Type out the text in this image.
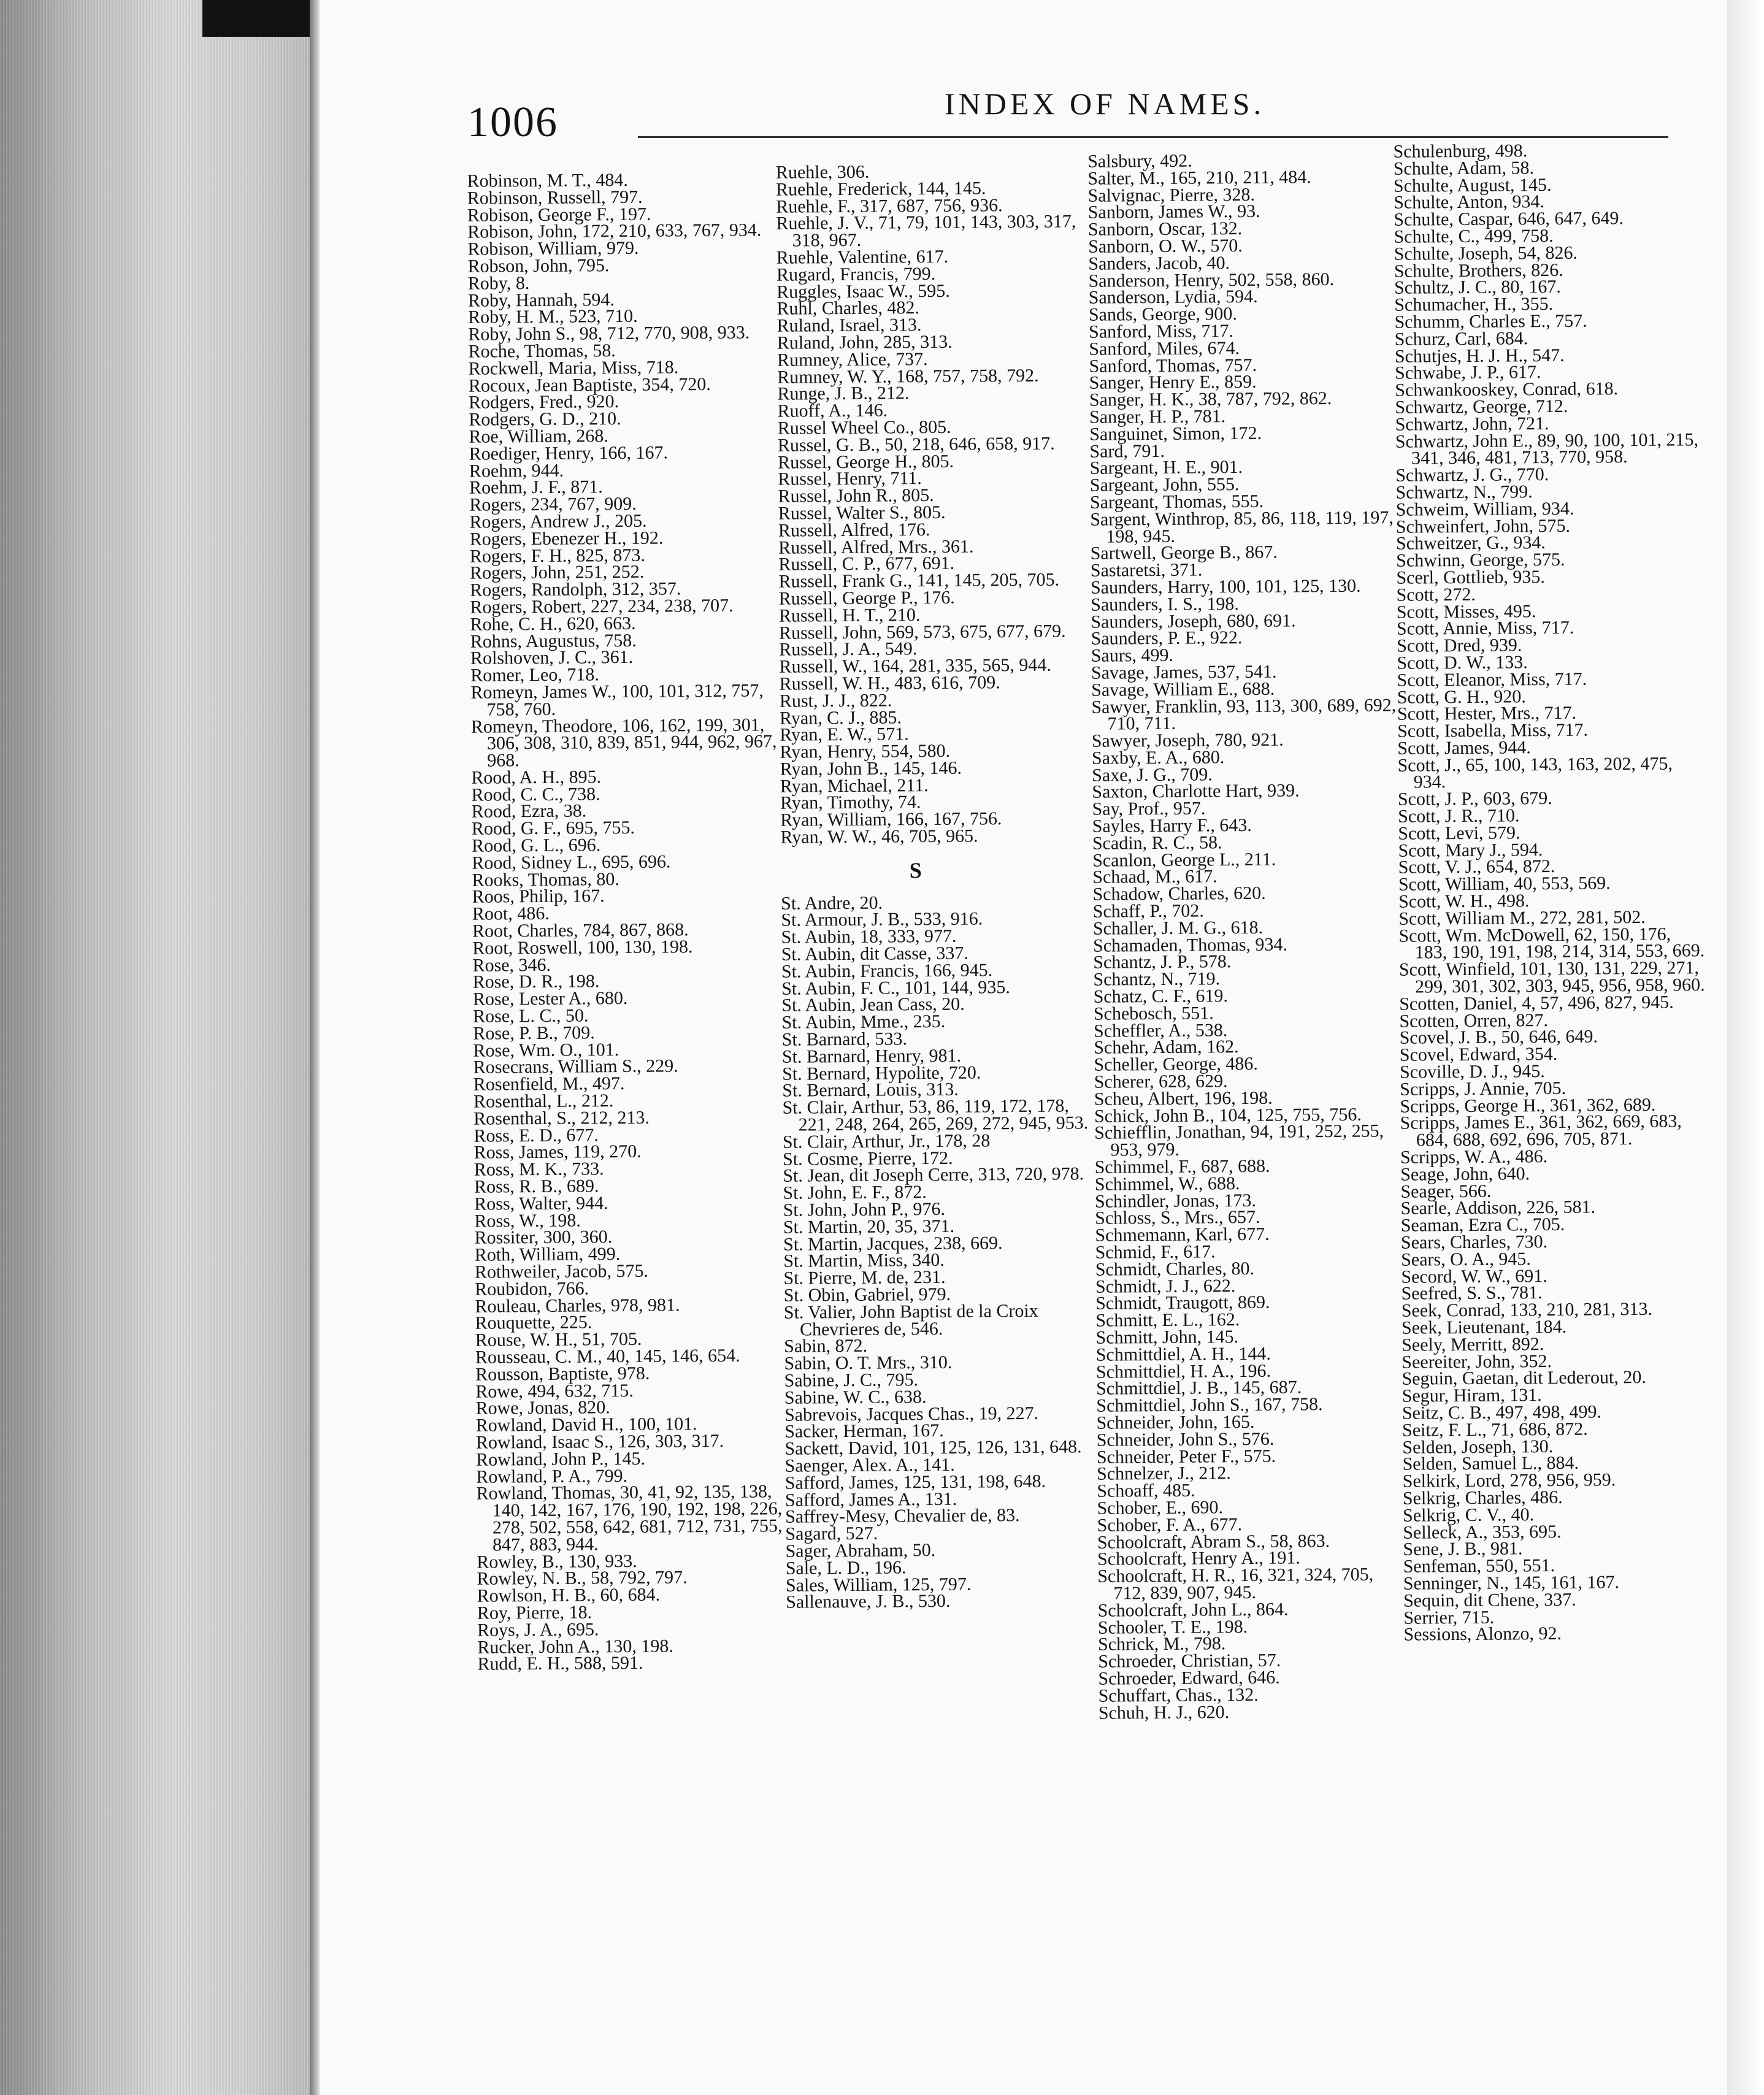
1006	INDEX OF NAMES.
Robinson, M. T., 484.
Robinson, Russell, 797.
Robison, George F., 197.
Robison, John, 172, 210, 633, 767, 934.
Robison, William, 979.
Robson, John, 795.
Roby, 8.
Roby, Hannah, 594.
Roby, H. M., 523, 710.
Roby, John S., 98, 712, 770, 908, 933.
Roche, Thomas, 58.
Rockwell, Maria, Miss, 718.
Rocoux, Jean Baptiste, 354, 720.
Rodgers, Fred., 920.
Rodgers, G. D., 210.
Roe, William, 268.
Roediger, Henry, 166, 167.
Roehm, 944.
Roehm, J. F., 871.
Rogers, 234, 767, 909.
Rogers, Andrew J., 205.
Rogers, Ebenezer H., 192.
Rogers, F. H., 825, 873.
Rogers, John, 251, 252.
Rogers, Randolph, 312, 357.
Rogers, Robert, 227, 234, 238, 707.
Rohe, C. H., 620, 663.
Rohns, Augustus, 758.
Rolshoven, J. C., 361.
Romer, Leo, 718.
Romeyn, James W., 100, 101, 312, 757, 758, 760.
Romeyn, Theodore, 106, 162, 199, 301, 306, 308, 310, 839, 851, 944, 962, 967, 968.
Rood, A. H., 895.
Rood, C. C., 738.
Rood, Ezra, 38.
Rood, G. F., 695, 755.
Rood, G. L., 696.
Rood, Sidney L., 695, 696.
Rooks, Thomas, 80.
Roos, Philip, 167.
Root, 486.
Root, Charles, 784, 867, 868.
Root, Roswell, 100, 130, 198.
Rose, 346.
Rose, D. R., 198.
Rose, Lester A., 680.
Rose, L. C., 50.
Rose, P. B., 709.
Rose, Wm. O., 101.
Rosecrans, William S., 229.
Rosenfield, M., 497.
Rosenthal, L., 212.
Rosenthal, S., 212, 213.
Ross, E. D., 677.
Ross, James, 119, 270.
Ross, M. K., 733.
Ross, R. B., 689.
Ross, Walter, 944.
Ross, W., 198.
Rossiter, 300, 360.
Roth, William, 499.
Rothweiler, Jacob, 575.
Roubidon, 766.
Rouleau, Charles, 978, 981.
Rouquette, 225.
Rouse, W. H., 51, 705.
Rousseau, C. M., 40, 145, 146, 654.
Rousson, Baptiste, 978.
Rowe, 494, 632, 715.
Rowe, Jonas, 820.
Rowland, David H., 100, 101.
Rowland, Isaac S., 126, 303, 317.
Rowland, John P., 145.
Rowland, P. A., 799.
Rowland, Thomas, 30, 41, 92, 135, 138, 140, 142, 167, 176, 190, 192, 198, 226, 278, 502, 558, 642, 681, 712, 731, 755, 847, 883, 944.
Rowley, B., 130, 933.
Rowley, N. B., 58, 792, 797.
Rowlson, H. B., 60, 684.
Roy, Pierre, 18.
Roys, J. A., 695.
Rucker, John A., 130, 198.
Rudd, E. H., 588, 591.
Ruehle, 306.
Ruehle, Frederick, 144, 145.
Ruehle, F., 317, 687, 756, 936.
Ruehle, J. V., 71, 79, 101, 143, 303, 317, 318, 967.
Ruehle, Valentine, 617.
Rugard, Francis, 799.
Ruggles, Isaac W., 595.
Ruhl, Charles, 482.
Ruland, Israel, 313.
Ruland, John, 285, 313.
Rumney, Alice, 737.
Rumney, W. Y., 168, 757, 758, 792.
Runge, J. B., 212.
Ruoff, A., 146.
Russel Wheel Co., 805.
Russel, G. B., 50, 218, 646, 658, 917.
Russel, George H., 805.
Russel, Henry, 711.
Russel, John R., 805.
Russel, Walter S., 805.
Russell, Alfred, 176.
Russell, Alfred, Mrs., 361.
Russell, C. P., 677, 691.
Russell, Frank G., 141, 145, 205, 705.
Russell, George P., 176.
Russell, H. T., 210.
Russell, John, 569, 573, 675, 677, 679.
Russell, J. A., 549.
Russell, W., 164, 281, 335, 565, 944.
Russell, W. H., 483, 616, 709.
Rust, J. J., 822.
Ryan, C. J., 885.
Ryan, E. W., 571.
Ryan, Henry, 554, 580.
Ryan, John B., 145, 146.
Ryan, Michael, 211.
Ryan, Timothy, 74.
Ryan, William, 166, 167, 756.
Ryan, W. W., 46, 705, 965.
S
St. Andre, 20.
St. Armour, J. B., 533, 916.
St. Aubin, 18, 333, 977.
St. Aubin, dit Casse, 337.
St. Aubin, Francis, 166, 945.
St. Aubin, F. C., 101, 144, 935.
St. Aubin, Jean Cass, 20.
St. Aubin, Mme., 235.
St. Barnard, 533.
St. Barnard, Henry, 981.
St. Bernard, Hypolite, 720.
St. Bernard, Louis, 313.
St. Clair, Arthur, 53, 86, 119, 172, 178, 221, 248, 264, 265, 269, 272, 945, 953.
St. Clair, Arthur, Jr., 178, 28
St. Cosme, Pierre, 172.
St. Jean, dit Joseph Cerre, 313, 720, 978.
St. John, E. F., 872.
St. John, John P., 976.
St. Martin, 20, 35, 371.
St. Martin, Jacques, 238, 669.
St. Martin, Miss, 340.
St. Pierre, M. de, 231.
St. Obin, Gabriel, 979.
St. Valier, John Baptist de la Croix Chevrieres de, 546.
Sabin, 872.
Sabin, O. T. Mrs., 310.
Sabine, J. C., 795.
Sabine, W. C., 638.
Sabrevois, Jacques Chas., 19, 227.
Sacker, Herman, 167.
Sackett, David, 101, 125, 126, 131, 648.
Saenger, Alex. A., 141.
Safford, James, 125, 131, 198, 648.
Safford, James A., 131.
Saffrey-Mesy, Chevalier de, 83.
Sagard, 527.
Sager, Abraham, 50.
Sale, L. D., 196.
Sales, William, 125, 797.
Sallenauve, J. B., 530.
Salsbury, 492.
Salter, M., 165, 210, 211, 484.
Salvignac, Pierre, 328.
Sanborn, James W., 93.
Sanborn, Oscar, 132.
Sanborn, O. W., 570.
Sanders, Jacob, 40.
Sanderson, Henry, 502, 558, 860.
Sanderson, Lydia, 594.
Sands, George, 900.
Sanford, Miss, 717.
Sanford, Miles, 674.
Sanford, Thomas, 757.
Sanger, Henry E., 859.
Sanger, H. K., 38, 787, 792, 862.
Sanger, H. P., 781.
Sanguinet, Simon, 172.
Sard, 791.
Sargeant, H. E., 901.
Sargeant, John, 555.
Sargeant, Thomas, 555.
Sargent, Winthrop, 85, 86, 118, 119, 197, 198, 945.
Sartwell, George B., 867.
Sastaretsi, 371.
Saunders, Harry, 100, 101, 125, 130.
Saunders, I. S., 198.
Saunders, Joseph, 680, 691.
Saunders, P. E., 922.
Saurs, 499.
Savage, James, 537, 541.
Savage, William E., 688.
Sawyer, Franklin, 93, 113, 300, 689, 692, 710, 711.
Sawyer, Joseph, 780, 921.
Saxby, E. A., 680.
Saxe, J. G., 709.
Saxton, Charlotte Hart, 939.
Say, Prof., 957.
Sayles, Harry F., 643.
Scadin, R. C., 58.
Scanlon, George L., 211.
Schaad, M., 617.
Schadow, Charles, 620.
Schaff, P., 702.
Schaller, J. M. G., 618.
Schamaden, Thomas, 934.
Schantz, J. P., 578.
Schantz, N., 719.
Schatz, C. F., 619.
Schebosch, 551.
Scheffler, A., 538.
Schehr, Adam, 162.
Scheller, George, 486.
Scherer, 628, 629.
Scheu, Albert, 196, 198.
Schick, John B., 104, 125, 755, 756.
Schiefflin, Jonathan, 94, 191, 252, 255, 953, 979.
Schimmel, F., 687, 688.
Schimmel, W., 688.
Schindler, Jonas, 173.
Schloss, S., Mrs., 657.
Schmemann, Karl, 677.
Schmid, F., 617.
Schmidt, Charles, 80.
Schmidt, J. J., 622.
Schmidt, Traugott, 869.
Schmitt, E. L., 162.
Schmitt, John, 145.
Schmittdiel, A. H., 144.
Schmittdiel, H. A., 196.
Schmittdiel, J. B., 145, 687.
Schmittdiel, John S., 167, 758.
Schneider, John, 165.
Schneider, John S., 576.
Schneider, Peter F., 575.
Schnelzer, J., 212.
Schoaff, 485.
Schober, E., 690.
Schober, F. A., 677.
Schoolcraft, Abram S., 58, 863.
Schoolcraft, Henry A., 191.
Schoolcraft, H. R., 16, 321, 324, 705, 712, 839, 907, 945.
Schoolcraft, John L., 864.
Schooler, T. E., 198.
Schrick, M., 798.
Schroeder, Christian, 57.
Schroeder, Edward, 646.
Schuffart, Chas., 132.
Schuh, H. J., 620.
Schulenburg, 498.
Schulte, Adam, 58.
Schulte, August, 145.
Schulte, Anton, 934.
Schulte, Caspar, 646, 647, 649.
Schulte, C., 499, 758.
Schulte, Joseph, 54, 826.
Schulte, Brothers, 826.
Schultz, J. C., 80, 167.
Schumacher, H., 355.
Schumm, Charles E., 757.
Schurz, Carl, 684.
Schutjes, H. J. H., 547.
Schwabe, J. P., 617.
Schwankooskey, Conrad, 618.
Schwartz, George, 712.
Schwartz, John, 721.
Schwartz, John E., 89, 90, 100, 101, 215, 341, 346, 481, 713, 770, 958.
Schwartz, J. G., 770.
Schwartz, N., 799.
Schweim, William, 934.
Schweinfert, John, 575.
Schweitzer, G., 934.
Schwinn, George, 575.
Scerl, Gottlieb, 935.
Scott, 272.
Scott, Misses, 495.
Scott, Annie, Miss, 717.
Scott, Dred, 939.
Scott, D. W., 133.
Scott, Eleanor, Miss, 717.
Scott, G. H., 920.
Scott, Hester, Mrs., 717.
Scott, Isabella, Miss, 717.
Scott, James, 944.
Scott, J., 65, 100, 143, 163, 202, 475, 934.
Scott, J. P., 603, 679.
Scott, J. R., 710.
Scott, Levi, 579.
Scott, Mary J., 594.
Scott, V. J., 654, 872.
Scott, William, 40, 553, 569.
Scott, W. H., 498.
Scott, William M., 272, 281, 502.
Scott, Wm. McDowell, 62, 150, 176, 183, 190, 191, 198, 214, 314, 553, 669.
Scott, Winfield, 101, 130, 131, 229, 271, 299, 301, 302, 303, 945, 956, 958, 960.
Scotten, Daniel, 4, 57, 496, 827, 945.
Scotten, Orren, 827.
Scovel, J. B., 50, 646, 649.
Scovel, Edward, 354.
Scoville, D. J., 945.
Scripps, J. Annie, 705.
Scripps, George H., 361, 362, 689.
Scripps, James E., 361, 362, 669, 683, 684, 688, 692, 696, 705, 871.
Scripps, W. A., 486.
Seage, John, 640.
Seager, 566.
Searle, Addison, 226, 581.
Seaman, Ezra C., 705.
Sears, Charles, 730.
Sears, O. A., 945.
Secord, W. W., 691.
Seefred, S. S., 781.
Seek, Conrad, 133, 210, 281, 313.
Seek, Lieutenant, 184.
Seely, Merritt, 892.
Seereiter, John, 352.
Seguin, Gaetan, dit Lederout, 20.
Segur, Hiram, 131.
Seitz, C. B., 497, 498, 499.
Seitz, F. L., 71, 686, 872.
Selden, Joseph, 130.
Selden, Samuel L., 884.
Selkirk, Lord, 278, 956, 959.
Selkrig, Charles, 486.
Selkrig, C. V., 40.
Selleck, A., 353, 695.
Sene, J. B., 981.
Senfeman, 550, 551.
Senninger, N., 145, 161, 167.
Sequin, dit Chene, 337.
Serrier, 715.
Sessions, Alonzo, 92.
